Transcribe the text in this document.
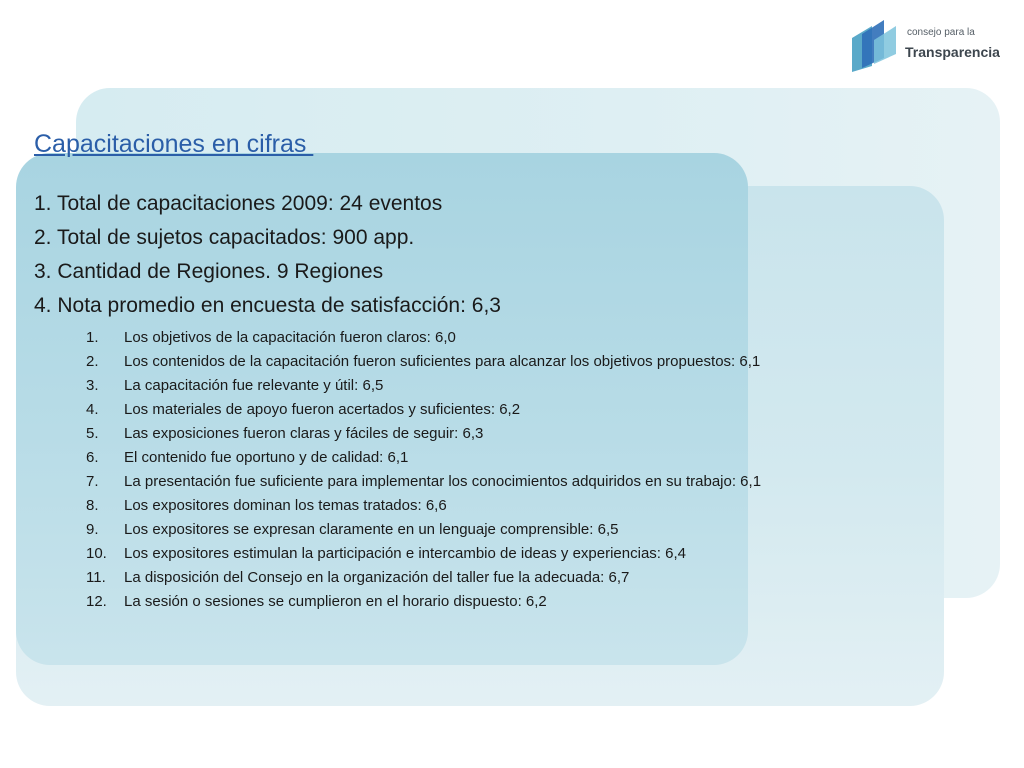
consejo para la
Transparencia
Capacitaciones en cifras
1. Total de capacitaciones 2009: 24 eventos
2. Total de sujetos capacitados: 900 app.
3. Cantidad de Regiones. 9 Regiones
4. Nota promedio en encuesta de satisfacción: 6,3
1.	Los objetivos de la capacitación fueron claros: 6,0
2.	Los contenidos de la capacitación fueron suficientes para alcanzar los objetivos propuestos: 6,1
3.	La capacitación fue relevante y útil: 6,5
4.	Los materiales de apoyo fueron acertados y suficientes: 6,2
5.	Las exposiciones fueron claras y fáciles de seguir: 6,3
6.	El contenido fue oportuno y de calidad: 6,1
7.	La presentación fue suficiente para implementar los conocimientos adquiridos en su trabajo: 6,1
8.	Los expositores dominan los temas tratados: 6,6
9.	Los expositores se expresan claramente en un lenguaje comprensible: 6,5
10.	Los expositores estimulan la participación e intercambio de ideas y experiencias: 6,4
11.	La disposición del Consejo en la organización del taller fue la adecuada: 6,7
12.	La sesión o sesiones se cumplieron en el horario dispuesto: 6,2
